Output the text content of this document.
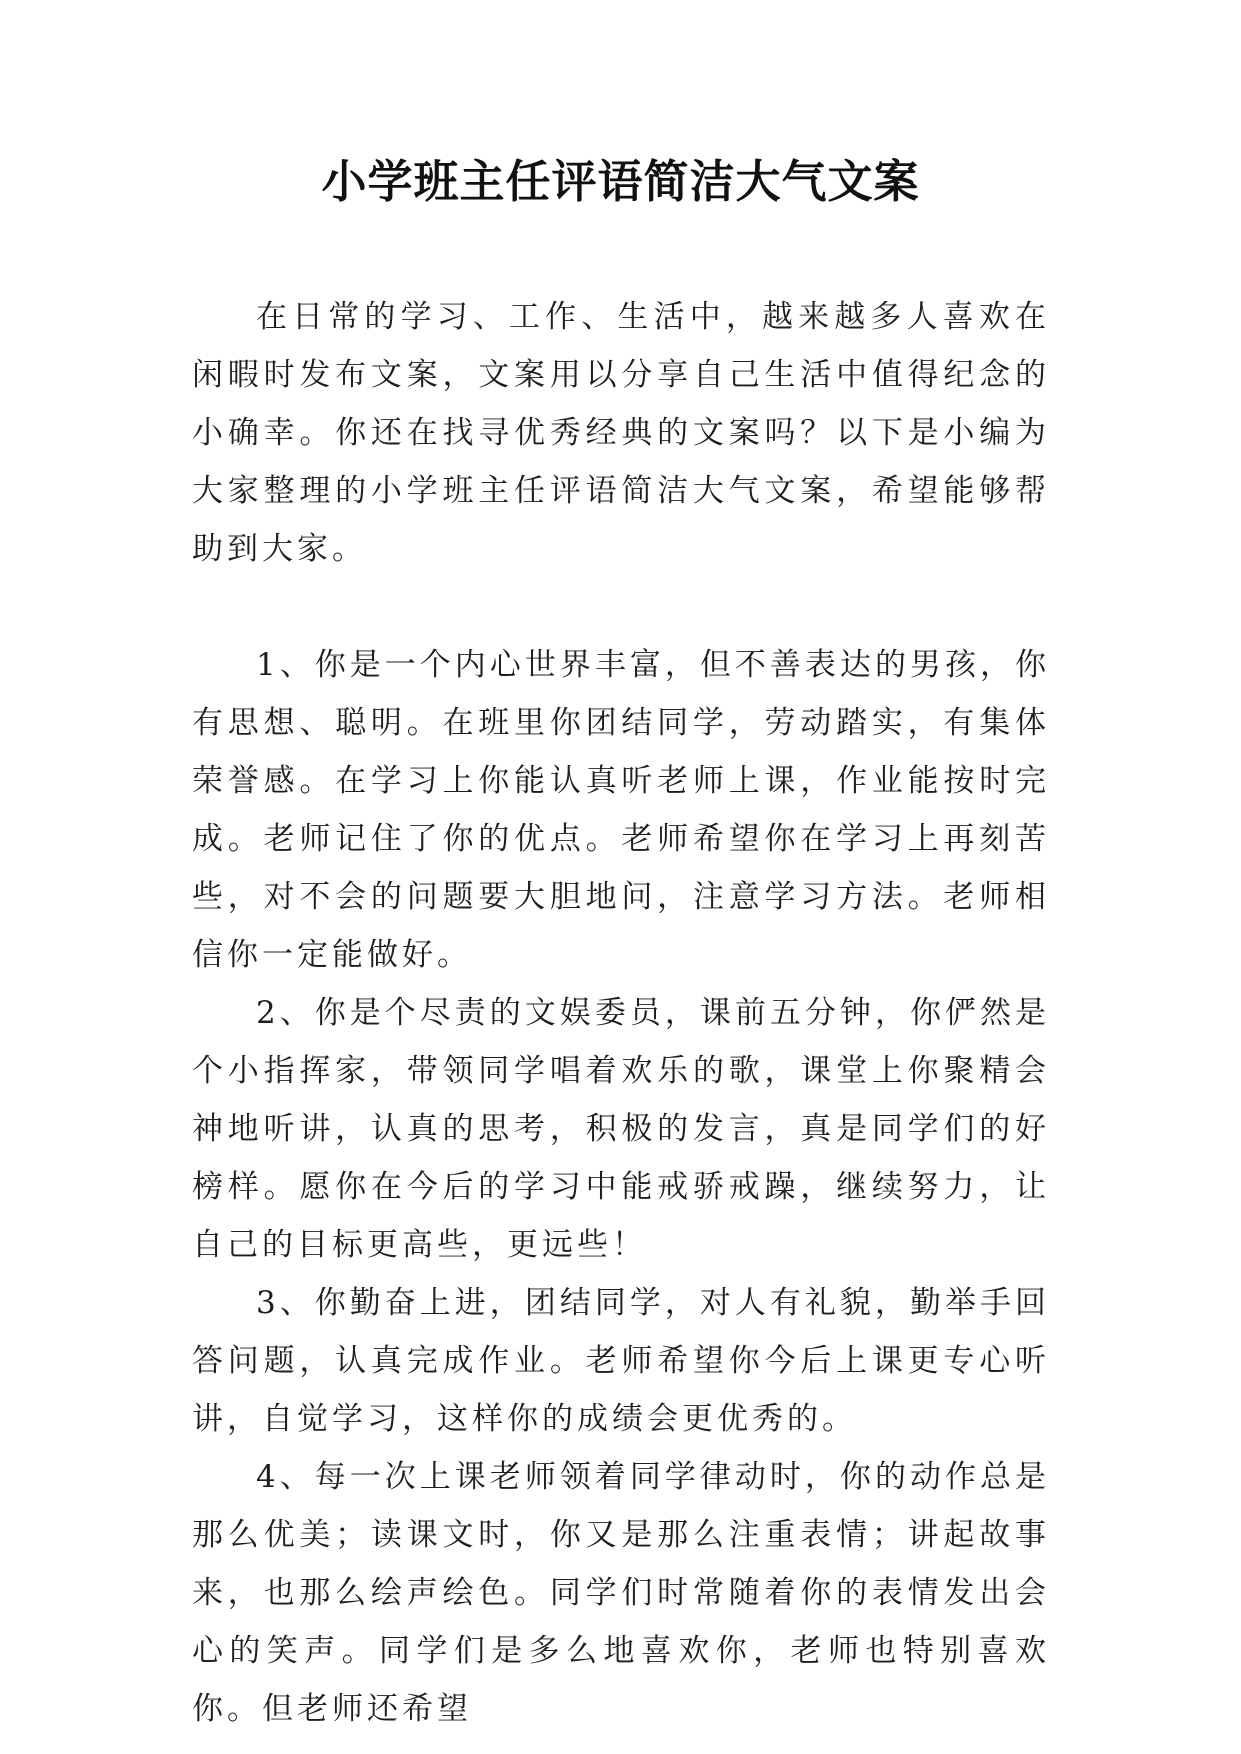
小学班主任评语简洁大气文案

在日常的学习、工作、生活中，越来越多人喜欢在闲暇时发布文案，文案用以分享自己生活中值得纪念的小确幸。你还在找寻优秀经典的文案吗？以下是小编为大家整理的小学班主任评语简洁大气文案，希望能够帮助到大家。

1、你是一个内心世界丰富，但不善表达的男孩，你有思想、聪明。在班里你团结同学，劳动踏实，有集体荣誉感。在学习上你能认真听老师上课，作业能按时完成。老师记住了你的优点。老师希望你在学习上再刻苦些，对不会的问题要大胆地问，注意学习方法。老师相信你一定能做好。

2、你是个尽责的文娱委员，课前五分钟，你俨然是个小指挥家，带领同学唱着欢乐的歌，课堂上你聚精会神地听讲，认真的思考，积极的发言，真是同学们的好榜样。愿你在今后的学习中能戒骄戒躁，继续努力，让自己的目标更高些，更远些！

3、你勤奋上进，团结同学，对人有礼貌，勤举手回答问题，认真完成作业。老师希望你今后上课更专心听讲，自觉学习，这样你的成绩会更优秀的。

4、每一次上课老师领着同学律动时，你的动作总是那么优美；读课文时，你又是那么注重表情；讲起故事来，也那么绘声绘色。同学们时常随着你的表情发出会心的笑声。同学们是多么地喜欢你，老师也特别喜欢你。但老师还希望
